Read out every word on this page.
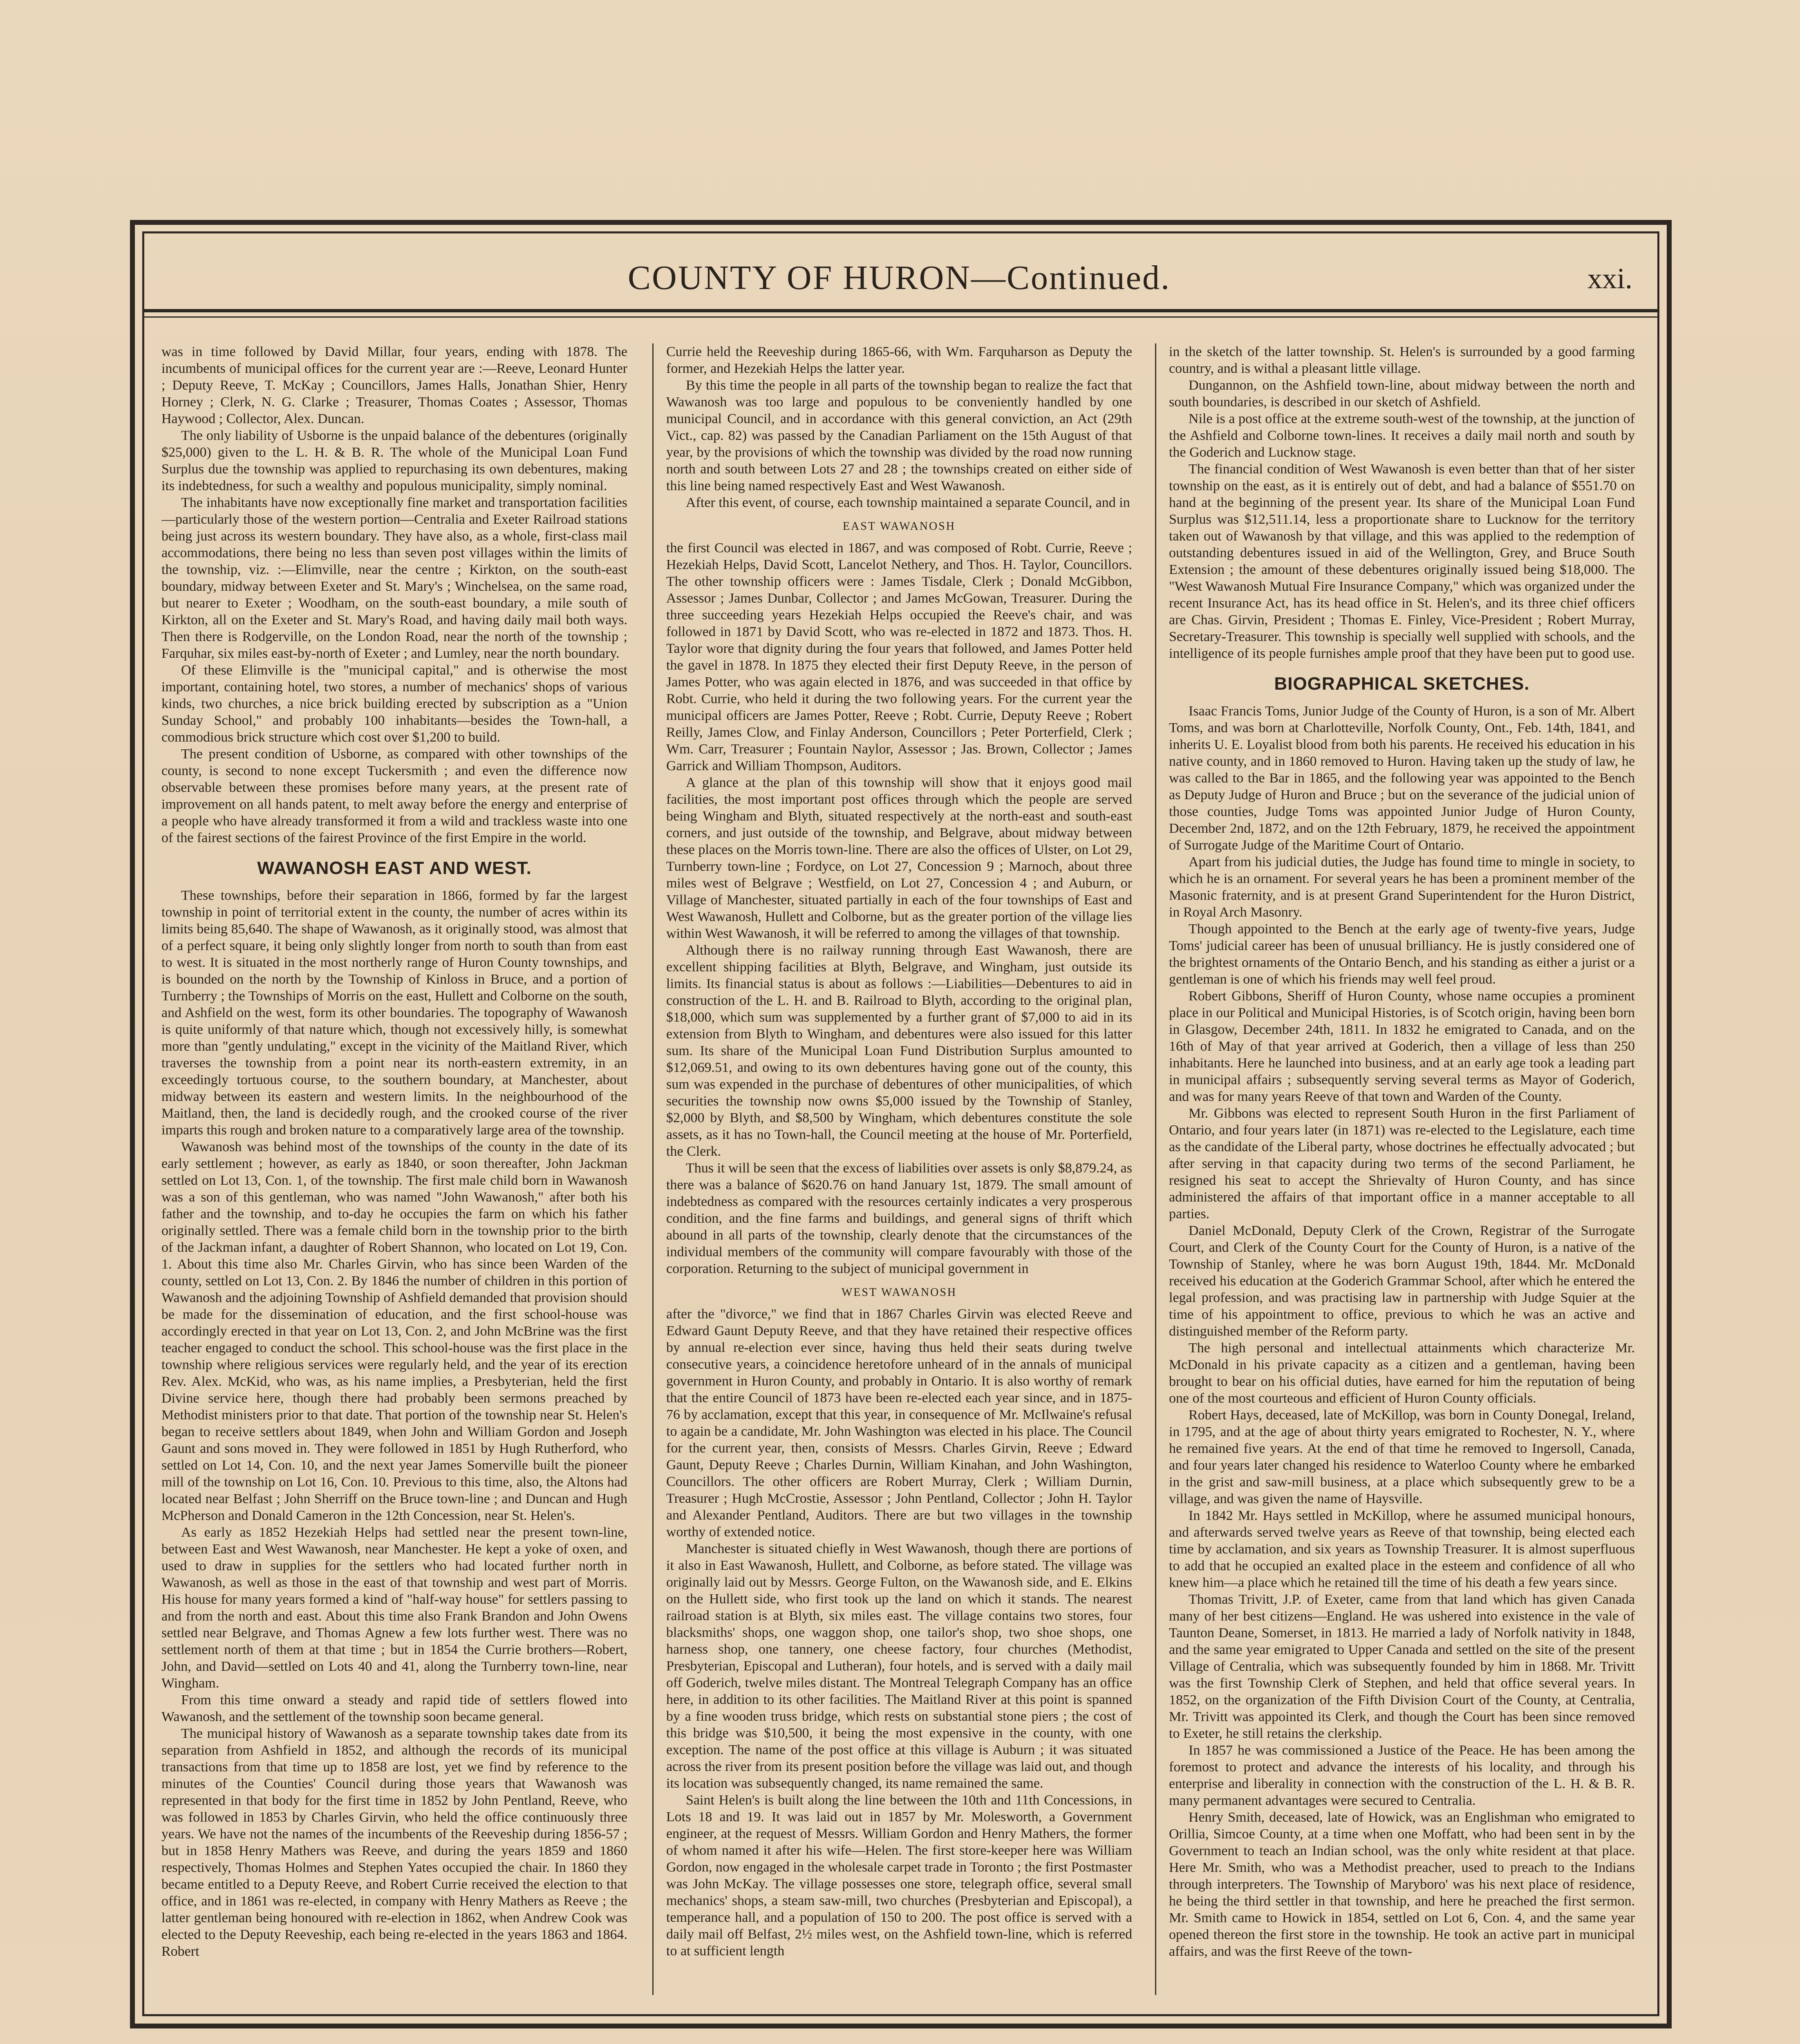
COUNTY OF HURON—Continued.	xxi.

was in time followed by David Millar, four years, ending with 1878. The incumbents of municipal offices for the current year are :—Reeve, Leonard Hunter ; Deputy Reeve, T. McKay ; Councillors, James Halls, Jonathan Shier, Henry Horney ; Clerk, N. G. Clarke ; Treasurer, Thomas Coates ; Assessor, Thomas Haywood ; Collector, Alex. Duncan.

The only liability of Usborne is the unpaid balance of the debentures (originally $25,000) given to the L. H. & B. R. The whole of the Municipal Loan Fund Surplus due the township was applied to repurchasing its own debentures, making its indebtedness, for such a wealthy and populous municipality, simply nominal.

The inhabitants have now exceptionally fine market and transportation facilities—particularly those of the western portion—Centralia and Exeter Railroad stations being just across its western boundary. They have also, as a whole, first-class mail accommodations, there being no less than seven post villages within the limits of the township, viz. :—Elimville, near the centre ; Kirkton, on the south-east boundary, midway between Exeter and St. Mary's ; Winchelsea, on the same road, but nearer to Exeter ; Woodham, on the south-east boundary, a mile south of Kirkton, all on the Exeter and St. Mary's Road, and having daily mail both ways. Then there is Rodgerville, on the London Road, near the north of the township ; Farquhar, six miles east-by-north of Exeter ; and Lumley, near the north boundary.

Of these Elimville is the "municipal capital," and is otherwise the most important, containing hotel, two stores, a number of mechanics' shops of various kinds, two churches, a nice brick building erected by subscription as a "Union Sunday School," and probably 100 inhabitants—besides the Town-hall, a commodious brick structure which cost over $1,200 to build.

The present condition of Usborne, as compared with other townships of the county, is second to none except Tuckersmith ; and even the difference now observable between these promises before many years, at the present rate of improvement on all hands patent, to melt away before the energy and enterprise of a people who have already transformed it from a wild and trackless waste into one of the fairest sections of the fairest Province of the first Empire in the world.

WAWANOSH EAST AND WEST.

These townships, before their separation in 1866, formed by far the largest township in point of territorial extent in the county, the number of acres within its limits being 85,640. The shape of Wawanosh, as it originally stood, was almost that of a perfect square, it being only slightly longer from north to south than from east to west. It is situated in the most northerly range of Huron County townships, and is bounded on the north by the Township of Kinloss in Bruce, and a portion of Turnberry ; the Townships of Morris on the east, Hullett and Colborne on the south, and Ashfield on the west, form its other boundaries. The topography of Wawanosh is quite uniformly of that nature which, though not excessively hilly, is somewhat more than "gently undulating," except in the vicinity of the Maitland River, which traverses the township from a point near its north-eastern extremity, in an exceedingly tortuous course, to the southern boundary, at Manchester, about midway between its eastern and western limits. In the neighbourhood of the Maitland, then, the land is decidedly rough, and the crooked course of the river imparts this rough and broken nature to a comparatively large area of the township.

Wawanosh was behind most of the townships of the county in the date of its early settlement ; however, as early as 1840, or soon thereafter, John Jackman settled on Lot 13, Con. 1, of the township. The first male child born in Wawanosh was a son of this gentleman, who was named "John Wawanosh," after both his father and the township, and to-day he occupies the farm on which his father originally settled. There was a female child born in the township prior to the birth of the Jackman infant, a daughter of Robert Shannon, who located on Lot 19, Con. 1. About this time also Mr. Charles Girvin, who has since been Warden of the county, settled on Lot 13, Con. 2. By 1846 the number of children in this portion of Wawanosh and the adjoining Township of Ashfield demanded that provision should be made for the dissemination of education, and the first school-house was accordingly erected in that year on Lot 13, Con. 2, and John McBrine was the first teacher engaged to conduct the school. This school-house was the first place in the township where religious services were regularly held, and the year of its erection Rev. Alex. McKid, who was, as his name implies, a Presbyterian, held the first Divine service here, though there had probably been sermons preached by Methodist ministers prior to that date. That portion of the township near St. Helen's began to receive settlers about 1849, when John and William Gordon and Joseph Gaunt and sons moved in. They were followed in 1851 by Hugh Rutherford, who settled on Lot 14, Con. 10, and the next year James Somerville built the pioneer mill of the township on Lot 16, Con. 10. Previous to this time, also, the Altons had located near Belfast ; John Sherriff on the Bruce town-line ; and Duncan and Hugh McPherson and Donald Cameron in the 12th Concession, near St. Helen's.

As early as 1852 Hezekiah Helps had settled near the present town-line, between East and West Wawanosh, near Manchester. He kept a yoke of oxen, and used to draw in supplies for the settlers who had located further north in Wawanosh, as well as those in the east of that township and west part of Morris. His house for many years formed a kind of "half-way house" for settlers passing to and from the north and east. About this time also Frank Brandon and John Owens settled near Belgrave, and Thomas Agnew a few lots further west. There was no settlement north of them at that time ; but in 1854 the Currie brothers—Robert, John, and David—settled on Lots 40 and 41, along the Turnberry town-line, near Wingham.

From this time onward a steady and rapid tide of settlers flowed into Wawanosh, and the settlement of the township soon became general.

The municipal history of Wawanosh as a separate township takes date from its separation from Ashfield in 1852, and although the records of its municipal transactions from that time up to 1858 are lost, yet we find by reference to the minutes of the Counties' Council during those years that Wawanosh was represented in that body for the first time in 1852 by John Pentland, Reeve, who was followed in 1853 by Charles Girvin, who held the office continuously three years. We have not the names of the incumbents of the Reeveship during 1856-57 ; but in 1858 Henry Mathers was Reeve, and during the years 1859 and 1860 respectively, Thomas Holmes and Stephen Yates occupied the chair. In 1860 they became entitled to a Deputy Reeve, and Robert Currie received the election to that office, and in 1861 was re-elected, in company with Henry Mathers as Reeve ; the latter gentleman being honoured with re-election in 1862, when Andrew Cook was elected to the Deputy Reeveship, each being re-elected in the years 1863 and 1864. Robert

Currie held the Reeveship during 1865-66, with Wm. Farquharson as Deputy the former, and Hezekiah Helps the latter year.

By this time the people in all parts of the township began to realize the fact that Wawanosh was too large and populous to be conveniently handled by one municipal Council, and in accordance with this general conviction, an Act (29th Vict., cap. 82) was passed by the Canadian Parliament on the 15th August of that year, by the provisions of which the township was divided by the road now running north and south between Lots 27 and 28 ; the townships created on either side of this line being named respectively East and West Wawanosh.

After this event, of course, each township maintained a separate Council, and in

EAST WAWANOSH

the first Council was elected in 1867, and was composed of Robt. Currie, Reeve ; Hezekiah Helps, David Scott, Lancelot Nethery, and Thos. H. Taylor, Councillors. The other township officers were : James Tisdale, Clerk ; Donald McGibbon, Assessor ; James Dunbar, Collector ; and James McGowan, Treasurer. During the three succeeding years Hezekiah Helps occupied the Reeve's chair, and was followed in 1871 by David Scott, who was re-elected in 1872 and 1873. Thos. H. Taylor wore that dignity during the four years that followed, and James Potter held the gavel in 1878. In 1875 they elected their first Deputy Reeve, in the person of James Potter, who was again elected in 1876, and was succeeded in that office by Robt. Currie, who held it during the two following years. For the current year the municipal officers are James Potter, Reeve ; Robt. Currie, Deputy Reeve ; Robert Reilly, James Clow, and Finlay Anderson, Councillors ; Peter Porterfield, Clerk ; Wm. Carr, Treasurer ; Fountain Naylor, Assessor ; Jas. Brown, Collector ; James Garrick and William Thompson, Auditors.

A glance at the plan of this township will show that it enjoys good mail facilities, the most important post offices through which the people are served being Wingham and Blyth, situated respectively at the north-east and south-east corners, and just outside of the township, and Belgrave, about midway between these places on the Morris town-line. There are also the offices of Ulster, on Lot 29, Turnberry town-line ; Fordyce, on Lot 27, Concession 9 ; Marnoch, about three miles west of Belgrave ; Westfield, on Lot 27, Concession 4 ; and Auburn, or Village of Manchester, situated partially in each of the four townships of East and West Wawanosh, Hullett and Colborne, but as the greater portion of the village lies within West Wawanosh, it will be referred to among the villages of that township.

Although there is no railway running through East Wawanosh, there are excellent shipping facilities at Blyth, Belgrave, and Wingham, just outside its limits. Its financial status is about as follows :—Liabilities—Debentures to aid in construction of the L. H. and B. Railroad to Blyth, according to the original plan, $18,000, which sum was supplemented by a further grant of $7,000 to aid in its extension from Blyth to Wingham, and debentures were also issued for this latter sum. Its share of the Municipal Loan Fund Distribution Surplus amounted to $12,069.51, and owing to its own debentures having gone out of the county, this sum was expended in the purchase of debentures of other municipalities, of which securities the township now owns $5,000 issued by the Township of Stanley, $2,000 by Blyth, and $8,500 by Wingham, which debentures constitute the sole assets, as it has no Town-hall, the Council meeting at the house of Mr. Porterfield, the Clerk.

Thus it will be seen that the excess of liabilities over assets is only $8,879.24, as there was a balance of $620.76 on hand January 1st, 1879. The small amount of indebtedness as compared with the resources certainly indicates a very prosperous condition, and the fine farms and buildings, and general signs of thrift which abound in all parts of the township, clearly denote that the circumstances of the individual members of the community will compare favourably with those of the corporation. Returning to the subject of municipal government in

WEST WAWANOSH

after the "divorce," we find that in 1867 Charles Girvin was elected Reeve and Edward Gaunt Deputy Reeve, and that they have retained their respective offices by annual re-election ever since, having thus held their seats during twelve consecutive years, a coincidence heretofore unheard of in the annals of municipal government in Huron County, and probably in Ontario. It is also worthy of remark that the entire Council of 1873 have been re-elected each year since, and in 1875-76 by acclamation, except that this year, in consequence of Mr. McIlwaine's refusal to again be a candidate, Mr. John Washington was elected in his place. The Council for the current year, then, consists of Messrs. Charles Girvin, Reeve ; Edward Gaunt, Deputy Reeve ; Charles Durnin, William Kinahan, and John Washington, Councillors. The other officers are Robert Murray, Clerk ; William Durnin, Treasurer ; Hugh McCrostie, Assessor ; John Pentland, Collector ; John H. Taylor and Alexander Pentland, Auditors. There are but two villages in the township worthy of extended notice.

Manchester is situated chiefly in West Wawanosh, though there are portions of it also in East Wawanosh, Hullett, and Colborne, as before stated. The village was originally laid out by Messrs. George Fulton, on the Wawanosh side, and E. Elkins on the Hullett side, who first took up the land on which it stands. The nearest railroad station is at Blyth, six miles east. The village contains two stores, four blacksmiths' shops, one waggon shop, one tailor's shop, two shoe shops, one harness shop, one tannery, one cheese factory, four churches (Methodist, Presbyterian, Episcopal and Lutheran), four hotels, and is served with a daily mail off Goderich, twelve miles distant. The Montreal Telegraph Company has an office here, in addition to its other facilities. The Maitland River at this point is spanned by a fine wooden truss bridge, which rests on substantial stone piers ; the cost of this bridge was $10,500, it being the most expensive in the county, with one exception. The name of the post office at this village is Auburn ; it was situated across the river from its present position before the village was laid out, and though its location was subsequently changed, its name remained the same.

Saint Helen's is built along the line between the 10th and 11th Concessions, in Lots 18 and 19. It was laid out in 1857 by Mr. Molesworth, a Government engineer, at the request of Messrs. William Gordon and Henry Mathers, the former of whom named it after his wife—Helen. The first store-keeper here was William Gordon, now engaged in the wholesale carpet trade in Toronto ; the first Postmaster was John McKay. The village possesses one store, telegraph office, several small mechanics' shops, a steam saw-mill, two churches (Presbyterian and Episcopal), a temperance hall, and a population of 150 to 200. The post office is served with a daily mail off Belfast, 2½ miles west, on the Ashfield town-line, which is referred to at sufficient length

in the sketch of the latter township. St. Helen's is surrounded by a good farming country, and is withal a pleasant little village.

Dungannon, on the Ashfield town-line, about midway between the north and south boundaries, is described in our sketch of Ashfield.

Nile is a post office at the extreme south-west of the township, at the junction of the Ashfield and Colborne town-lines. It receives a daily mail north and south by the Goderich and Lucknow stage.

The financial condition of West Wawanosh is even better than that of her sister township on the east, as it is entirely out of debt, and had a balance of $551.70 on hand at the beginning of the present year. Its share of the Municipal Loan Fund Surplus was $12,511.14, less a proportionate share to Lucknow for the territory taken out of Wawanosh by that village, and this was applied to the redemption of outstanding debentures issued in aid of the Wellington, Grey, and Bruce South Extension ; the amount of these debentures originally issued being $18,000. The "West Wawanosh Mutual Fire Insurance Company," which was organized under the recent Insurance Act, has its head office in St. Helen's, and its three chief officers are Chas. Girvin, President ; Thomas E. Finley, Vice-President ; Robert Murray, Secretary-Treasurer. This township is specially well supplied with schools, and the intelligence of its people furnishes ample proof that they have been put to good use.

BIOGRAPHICAL SKETCHES.

Isaac Francis Toms, Junior Judge of the County of Huron, is a son of Mr. Albert Toms, and was born at Charlotteville, Norfolk County, Ont., Feb. 14th, 1841, and inherits U. E. Loyalist blood from both his parents. He received his education in his native county, and in 1860 removed to Huron. Having taken up the study of law, he was called to the Bar in 1865, and the following year was appointed to the Bench as Deputy Judge of Huron and Bruce ; but on the severance of the judicial union of those counties, Judge Toms was appointed Junior Judge of Huron County, December 2nd, 1872, and on the 12th February, 1879, he received the appointment of Surrogate Judge of the Maritime Court of Ontario.

Apart from his judicial duties, the Judge has found time to mingle in society, to which he is an ornament. For several years he has been a prominent member of the Masonic fraternity, and is at present Grand Superintendent for the Huron District, in Royal Arch Masonry.

Though appointed to the Bench at the early age of twenty-five years, Judge Toms' judicial career has been of unusual brilliancy. He is justly considered one of the brightest ornaments of the Ontario Bench, and his standing as either a jurist or a gentleman is one of which his friends may well feel proud.

Robert Gibbons, Sheriff of Huron County, whose name occupies a prominent place in our Political and Municipal Histories, is of Scotch origin, having been born in Glasgow, December 24th, 1811. In 1832 he emigrated to Canada, and on the 16th of May of that year arrived at Goderich, then a village of less than 250 inhabitants. Here he launched into business, and at an early age took a leading part in municipal affairs ; subsequently serving several terms as Mayor of Goderich, and was for many years Reeve of that town and Warden of the County.

Mr. Gibbons was elected to represent South Huron in the first Parliament of Ontario, and four years later (in 1871) was re-elected to the Legislature, each time as the candidate of the Liberal party, whose doctrines he effectually advocated ; but after serving in that capacity during two terms of the second Parliament, he resigned his seat to accept the Shrievalty of Huron County, and has since administered the affairs of that important office in a manner acceptable to all parties.

Daniel McDonald, Deputy Clerk of the Crown, Registrar of the Surrogate Court, and Clerk of the County Court for the County of Huron, is a native of the Township of Stanley, where he was born August 19th, 1844. Mr. McDonald received his education at the Goderich Grammar School, after which he entered the legal profession, and was practising law in partnership with Judge Squier at the time of his appointment to office, previous to which he was an active and distinguished member of the Reform party.

The high personal and intellectual attainments which characterize Mr. McDonald in his private capacity as a citizen and a gentleman, having been brought to bear on his official duties, have earned for him the reputation of being one of the most courteous and efficient of Huron County officials.

Robert Hays, deceased, late of McKillop, was born in County Donegal, Ireland, in 1795, and at the age of about thirty years emigrated to Rochester, N. Y., where he remained five years. At the end of that time he removed to Ingersoll, Canada, and four years later changed his residence to Waterloo County where he embarked in the grist and saw-mill business, at a place which subsequently grew to be a village, and was given the name of Haysville.

In 1842 Mr. Hays settled in McKillop, where he assumed municipal honours, and afterwards served twelve years as Reeve of that township, being elected each time by acclamation, and six years as Township Treasurer. It is almost superfluous to add that he occupied an exalted place in the esteem and confidence of all who knew him—a place which he retained till the time of his death a few years since.

Thomas Trivitt, J.P. of Exeter, came from that land which has given Canada many of her best citizens—England. He was ushered into existence in the vale of Taunton Deane, Somerset, in 1813. He married a lady of Norfolk nativity in 1848, and the same year emigrated to Upper Canada and settled on the site of the present Village of Centralia, which was subsequently founded by him in 1868. Mr. Trivitt was the first Township Clerk of Stephen, and held that office several years. In 1852, on the organization of the Fifth Division Court of the County, at Centralia, Mr. Trivitt was appointed its Clerk, and though the Court has been since removed to Exeter, he still retains the clerkship.

In 1857 he was commissioned a Justice of the Peace. He has been among the foremost to protect and advance the interests of his locality, and through his enterprise and liberality in connection with the construction of the L. H. & B. R. many permanent advantages were secured to Centralia.

Henry Smith, deceased, late of Howick, was an Englishman who emigrated to Orillia, Simcoe County, at a time when one Moffatt, who had been sent in by the Government to teach an Indian school, was the only white resident at that place. Here Mr. Smith, who was a Methodist preacher, used to preach to the Indians through interpreters. The Township of Maryboro' was his next place of residence, he being the third settler in that township, and here he preached the first sermon. Mr. Smith came to Howick in 1854, settled on Lot 6, Con. 4, and the same year opened thereon the first store in the township. He took an active part in municipal affairs, and was the first Reeve of the town-
